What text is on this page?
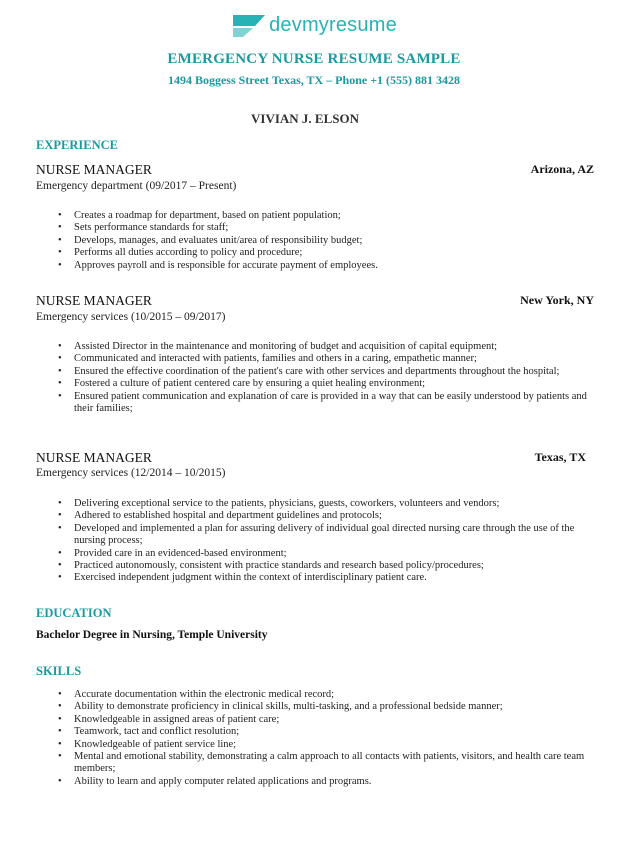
devmyresume
EMERGENCY NURSE RESUME SAMPLE
1494 Boggess Street Texas, TX – Phone +1 (555) 881 3428
VIVIAN J. ELSON
EXPERIENCE
NURSE MANAGER	Arizona, AZ
Emergency department (09/2017 – Present)
• Creates a roadmap for department, based on patient population;
• Sets performance standards for staff;
• Develops, manages, and evaluates unit/area of responsibility budget;
• Performs all duties according to policy and procedure;
• Approves payroll and is responsible for accurate payment of employees.
NURSE MANAGER	New York, NY
Emergency services (10/2015 – 09/2017)
• Assisted Director in the maintenance and monitoring of budget and acquisition of capital equipment;
• Communicated and interacted with patients, families and others in a caring, empathetic manner;
• Ensured the effective coordination of the patient's care with other services and departments throughout the hospital;
• Fostered a culture of patient centered care by ensuring a quiet healing environment;
• Ensured patient communication and explanation of care is provided in a way that can be easily understood by patients and their families;
NURSE MANAGER	Texas, TX
Emergency services (12/2014 – 10/2015)
• Delivering exceptional service to the patients, physicians, guests, coworkers, volunteers and vendors;
• Adhered to established hospital and department guidelines and protocols;
• Developed and implemented a plan for assuring delivery of individual goal directed nursing care through the use of the nursing process;
• Provided care in an evidenced-based environment;
• Practiced autonomously, consistent with practice standards and research based policy/procedures;
• Exercised independent judgment within the context of interdisciplinary patient care.
EDUCATION
Bachelor Degree in Nursing, Temple University
SKILLS
• Accurate documentation within the electronic medical record;
• Ability to demonstrate proficiency in clinical skills, multi-tasking, and a professional bedside manner;
• Knowledgeable in assigned areas of patient care;
• Teamwork, tact and conflict resolution;
• Knowledgeable of patient service line;
• Mental and emotional stability, demonstrating a calm approach to all contacts with patients, visitors, and health care team members;
• Ability to learn and apply computer related applications and programs.
